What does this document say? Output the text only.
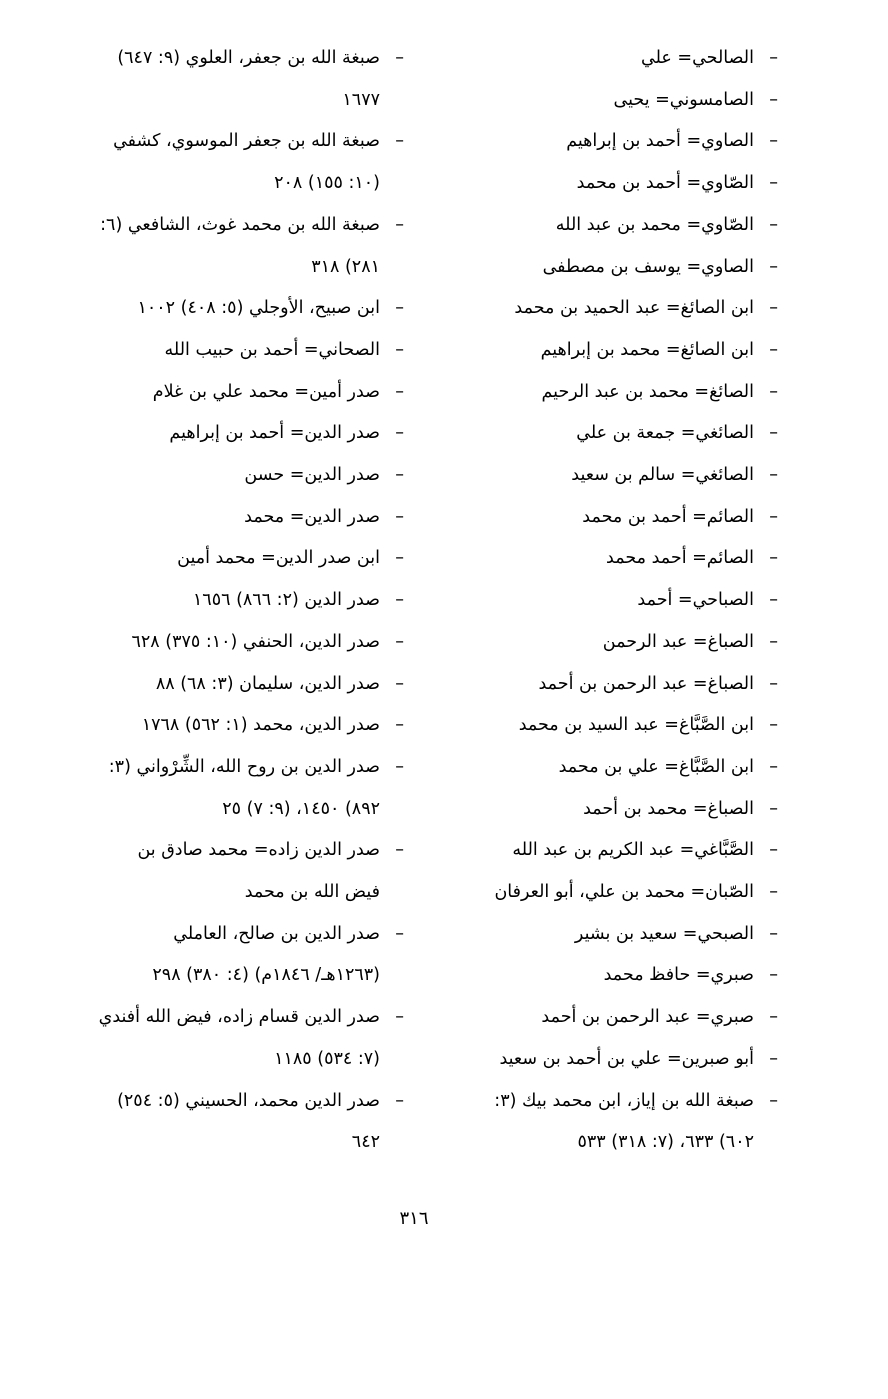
– الصالحي= علي
– الصامسوني= يحيى
– الصاوي= أحمد بن إبراهيم
– الصّاوي= أحمد بن محمد
– الصّاوي= محمد بن عبد الله
– الصاوي= يوسف بن مصطفى
– ابن الصائغ= عبد الحميد بن محمد
– ابن الصائغ= محمد بن إبراهيم
– الصائغ= محمد بن عبد الرحيم
– الصائغي= جمعة بن علي
– الصائغي= سالم بن سعيد
– الصائم= أحمد بن محمد
– الصائم= أحمد محمد
– الصباحي= أحمد
– الصباغ= عبد الرحمن
– الصباغ= عبد الرحمن بن أحمد
– ابن الصَّبَّاغ= عبد السيد بن محمد
– ابن الصَّبَّاغ= علي بن محمد
– الصباغ= محمد بن أحمد
– الصَّبَّاغي= عبد الكريم بن عبد الله
– الصّبان= محمد بن علي، أبو العرفان
– الصبحي= سعيد بن بشير
– صبري= حافظ محمد
– صبري= عبد الرحمن بن أحمد
– أبو صبرين= علي بن أحمد بن سعيد
– صبغة الله بن إياز، ابن محمد بيك (٣:
٦٠٢) ٦٣٣، (٧: ٣١٨) ٥٣٣
– صبغة الله بن جعفر، العلوي (٩: ٦٤٧)
١٦٧٧
– صبغة الله بن جعفر الموسوي، كشفي
(١٠: ١٥٥) ٢٠٨
– صبغة الله بن محمد غوث، الشافعي (٦:
٢٨١) ٣١٨
– ابن صبيح، الأوجلي (٥: ٤٠٨) ١٠٠٢
– الصحاني= أحمد بن حبيب الله
– صدر أمين= محمد علي بن غلام
– صدر الدين= أحمد بن إبراهيم
– صدر الدين= حسن
– صدر الدين= محمد
– ابن صدر الدين= محمد أمين
– صدر الدين (٢: ٨٦٦) ١٦٥٦
– صدر الدين، الحنفي (١٠: ٣٧٥) ٦٢٨
– صدر الدين، سليمان (٣: ٦٨) ٨٨
– صدر الدين، محمد (١: ٥٦٢) ١٧٦٨
– صدر الدين بن روح الله، الشِّرْواني (٣:
٨٩٢) ١٤٥٠، (٩: ٧) ٢٥
– صدر الدين زاده= محمد صادق بن
فيض الله بن محمد
– صدر الدين بن صالح، العاملي
(١٢٦٣هـ/ ١٨٤٦م) (٤: ٣٨٠) ٢٩٨
– صدر الدين قسام زاده، فيض الله أفندي
(٧: ٥٣٤) ١١٨٥
– صدر الدين محمد، الحسيني (٥: ٢٥٤)
٦٤٢
٣١٦
